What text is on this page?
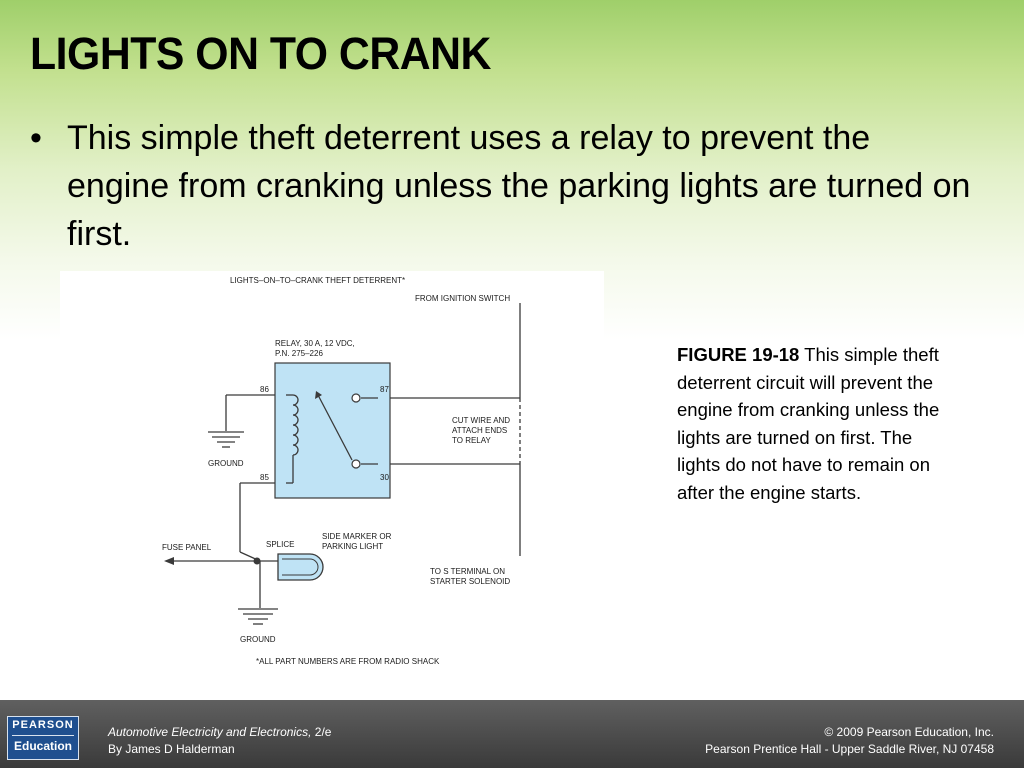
LIGHTS ON TO CRANK
• This simple theft deterrent uses a relay to prevent the engine from cranking unless the parking lights are turned on first.
LIGHTS–ON–TO–CRANK THEFT DETERRENT*
FROM IGNITION SWITCH
RELAY, 30 A, 12 VDC,
P.N. 275–226
86	87
85	30
CUT WIRE AND
ATTACH ENDS
TO RELAY
GROUND
SPLICE
FUSE PANEL
SIDE MARKER OR
PARKING LIGHT
TO S TERMINAL ON
STARTER SOLENOID
GROUND
*ALL PART NUMBERS ARE FROM RADIO SHACK
FIGURE 19-18 This simple theft deterrent circuit will prevent the engine from cranking unless the lights are turned on first. The lights do not have to remain on after the engine starts.
PEARSON
Education
Automotive Electricity and Electronics, 2/e
By James D Halderman
© 2009 Pearson Education, Inc.
Pearson Prentice Hall - Upper Saddle River, NJ 07458
